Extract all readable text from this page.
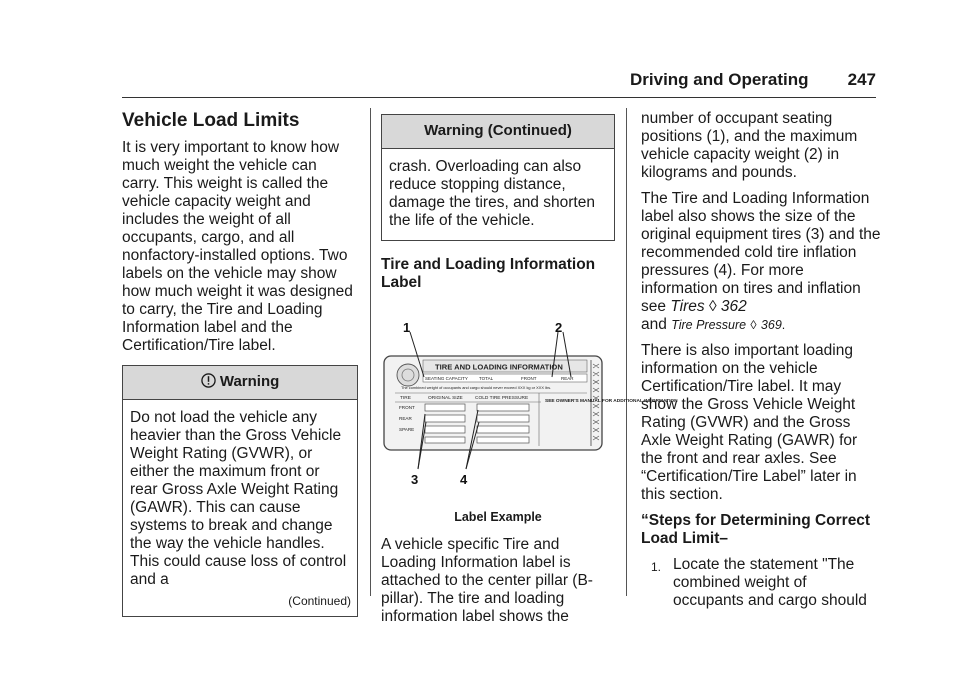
Driving and Operating 247
Vehicle Load Limits

It is very important to know how much weight the vehicle can carry. This weight is called the vehicle capacity weight and includes the weight of all occupants, cargo, and all nonfactory-installed options. Two labels on the vehicle may show how much weight it was designed to carry, the Tire and Loading Information label and the Certification/Tire label.

Warning
Do not load the vehicle any heavier than the Gross Vehicle Weight Rating (GVWR), or either the maximum front or rear Gross Axle Weight Rating (GAWR). This can cause systems to break and change the way the vehicle handles. This could cause loss of control and a
(Continued)
Warning (Continued)
crash. Overloading can also reduce stopping distance, damage the tires, and shorten the life of the vehicle.
Tire and Loading Information Label
TIRE AND LOADING INFORMATION
SEATING CAPACITY TOTAL	FRONT	REAR
The combined weight of occupants and cargo should never exceed XXX kg or XXX lbs.
TIRE	ORIGINAL SIZE	COLD TIRE PRESSURE
FRONT
REAR
SPARE
SEE OWNER'S MANUAL FOR ADDITIONAL INFORMATION
1	2
3	4
Label Example

A vehicle specific Tire and Loading Information label is attached to the center pillar (B-pillar). The tire and loading information label shows the

number of occupant seating positions (1), and the maximum vehicle capacity weight (2) in kilograms and pounds.

The Tire and Loading Information label also shows the size of the original equipment tires (3) and the recommended cold tire inflation pressures (4). For more information on tires and inflation see Tires ◊ 362
and Tire Pressure ◊ 369.

There is also important loading information on the vehicle Certification/Tire label. It may show the Gross Vehicle Weight Rating (GVWR) and the Gross Axle Weight Rating (GAWR) for the front and rear axles. See “Certification/Tire Label” later in this section.

“Steps for Determining Correct Load Limit–
1. Locate the statement "The combined weight of occupants and cargo should
